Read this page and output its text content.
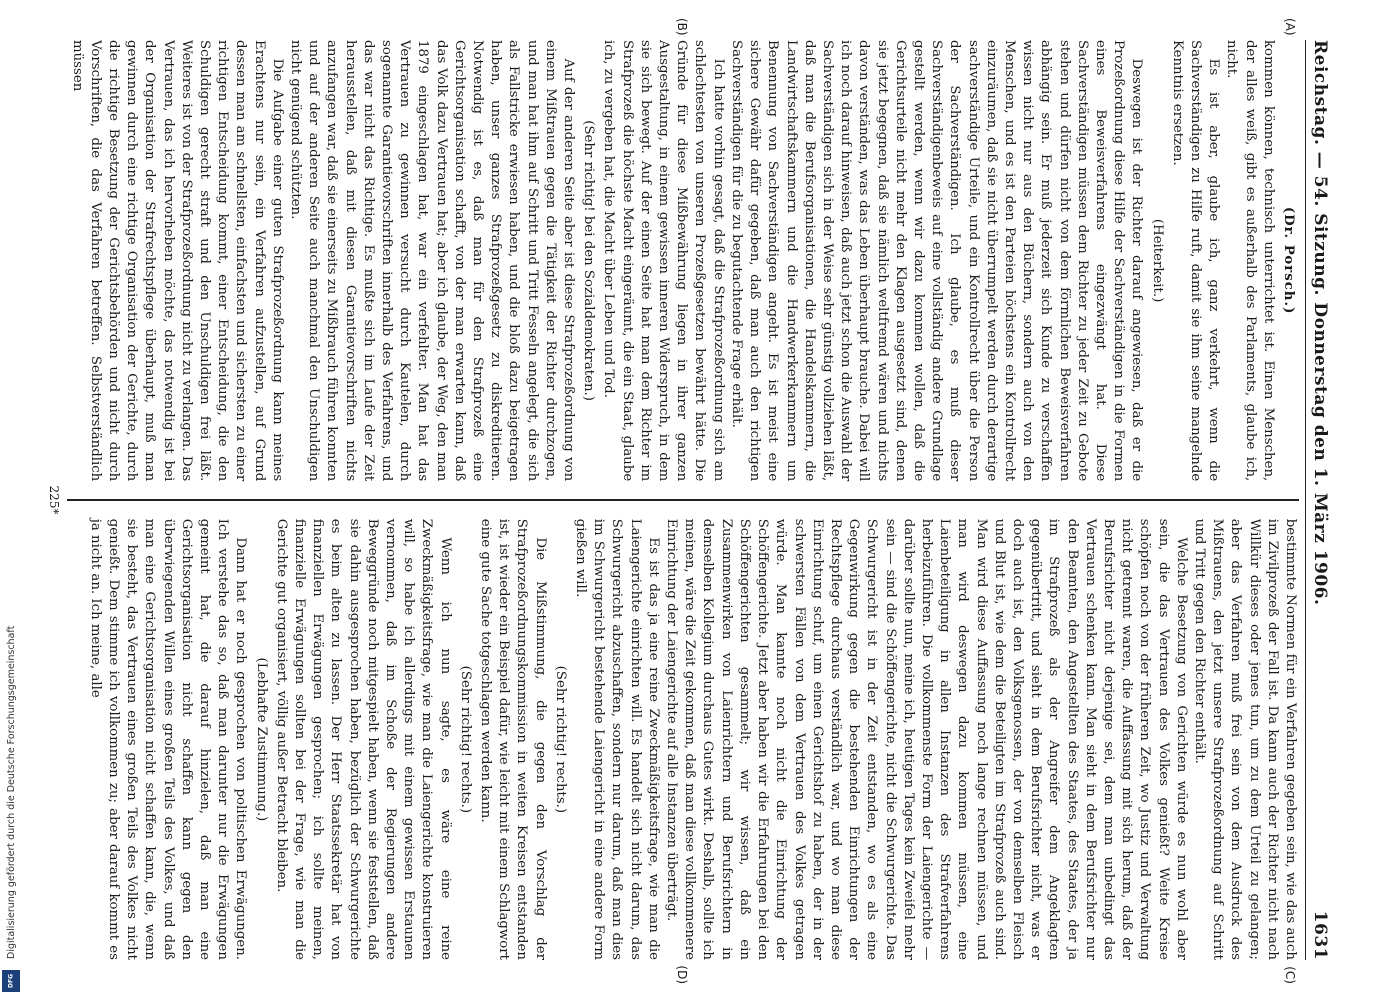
Reichstag. — 54. Sitzung. Donnerstag den 1. März 1906.
1631
(A)
(B)
(C)
(D)

(Dr. Porsch.)

kommen können, technisch unterrichtet ist. Einen Menschen, der alles weiß, gibt es außerhalb des Parlaments, glaube ich, nicht.

Es ist aber, glaube ich, ganz verkehrt, wenn die Sachverständigen zu Hilfe ruft, damit sie ihm seine mangelnde Kenntnis ersetzen.

(Heiterkeit.)

Deswegen ist der Richter darauf angewiesen, daß er die Prozeßordnung diese Hilfe der Sachverständigen in die Formen eines Beweisverfahrens eingezwängt hat. Diese Sachverständigen müssen dem Richter zu jeder Zeit zu Gebote stehen und dürfen nicht von dem förmlichen Beweisverfahren abhängig sein. Er muß jederzeit sich Kunde zu verschaffen wissen nicht nur aus den Büchern, sondern auch von den Menschen, und es ist den Parteien höchstens ein Kontrollrecht einzuräumen, daß sie nicht überrumpelt werden durch derartige sachverständige Urteile, und ein Kontrollrecht über die Person der Sachverständigen. Ich glaube, es muß dieser Sachverständigenbeweis auf eine vollständig andere Grundlage gestellt werden, wenn wir dazu kommen wollen, daß die Gerichtsurteile nicht mehr den Klagen ausgesetzt sind, denen sie jetzt begegnen, daß sie nämlich weltfremd wären und nichts davon verständen, was das Leben überhaupt brauche. Dabei will ich noch darauf hinweisen, daß auch jetzt schon die Auswahl der Sachverständigen sich in der Weise sehr günstig vollziehen läßt, daß man die Berufsorganisationen, die Handelskammern, die Landwirtschaftskammern und die Handwerkerkammern um Benennung von Sachverständigen angeht. Es ist meist eine sichere Gewähr dafür gegeben, daß man auch den richtigen Sachverständigen für die zu begutachtende Frage erhält.

Ich hatte vorhin gesagt, daß die Strafprozeßordnung sich am schlechtesten von unseren Prozeßgesetzen bewährt hätte. Die Gründe für diese Mißbewährung liegen in ihrer ganzen Ausgestaltung, in einem gewissen inneren Widerspruch, in dem sie sich bewegt. Auf der einen Seite hat man dem Richter im Strafprozeß die höchste Macht eingeräumt, die ein Staat, glaube ich, zu vergeben hat, die Macht über Leben und Tod.

(Sehr richtig! bei den Sozialdemokraten.)

Auf der anderen Seite aber ist diese Strafprozeßordnung von einem Mißtrauen gegen die Tätigkeit der Richter durchzogen, und man hat ihm auf Schritt und Tritt Fesseln angelegt, die sich als Fallstricke erwiesen haben, und die bloß dazu beigetragen haben, unser ganzes Strafprozeßgesetz zu diskreditieren. Notwendig ist es, daß man für den Strafprozeß eine Gerichtsorganisation schafft, von der man erwarten kann, daß das Volk dazu Vertrauen hat; aber ich glaube, der Weg, den man 1879 eingeschlagen hat, war ein verfehlter. Man hat das Vertrauen zu gewinnen versucht durch Kautelen, durch sogenannte Garantievorschriften innerhalb des Verfahrens, und das war nicht das Richtige. Es mußte sich im Laufe der Zeit herausstellen, daß mit diesen Garantievorschriften nichts anzufangen war, daß sie einerseits zu Mißbrauch führen konnten und auf der anderen Seite auch manchmal den Unschuldigen nicht genügend schützten.

Die Aufgabe einer guten Strafprozeßordnung kann meines Erachtens nur sein, ein Verfahren aufzustellen, auf Grund dessen man am schnellsten, einfachsten und sichersten zu einer richtigen Entscheidung kommt, einer Entscheidung, die den Schuldigen gerecht straft und den Unschuldigen frei läßt. Weiteres ist von der Strafprozeßordnung nicht zu verlangen. Das Vertrauen, das ich hervorheben möchte, das notwendig ist bei der Organisation der Strafrechtspflege überhaupt, muß man gewinnen durch eine richtige Organisation der Gerichte, durch die richtige Besetzung der Gerichtsbehörden und nicht durch Vorschriften, die das Verfahren betreffen. Selbstverständlich müssen

bestimmte Normen für ein Verfahren gegeben sein, wie das auch im Zivilprozeß der Fall ist. Da kann auch der Richter nicht nach Willkür dieses oder jenes tun, um zu dem Urteil zu gelangen; aber das Verfahren muß frei sein von dem Ausdruck des Mißtrauens, den jetzt unsere Strafprozeßordnung auf Schritt und Tritt gegen den Richter enthält.

Welche Besetzung von Gerichten würde es nun wohl aber sein, die das Vertrauen des Volkes genießt? Weite Kreise schöpfen noch von der früheren Zeit, wo Justiz und Verwaltung nicht getrennt waren, die Auffassung mit sich herum, daß der Berufsrichter nicht derjenige sei, dem man unbedingt das Vertrauen schenken kann. Man sieht in dem Berufsrichter nur den Beamten, den Angestellten des Staates, des Staates, der ja im Strafprozeß als der Angreifer dem Angeklagten gegenübertritt, und sieht in dem Berufsrichter nicht, was er doch auch ist, den Volksgenossen, der von demselben Fleisch und Blut ist, wie dem die Beteiligten im Strafprozeß auch sind. Man wird diese Auffassung noch lange rechnen müssen, und man wird deswegen dazu kommen müssen, eine Laienbeteiligung in allen Instanzen des Strafverfahrens herbeizuführen. Die vollkommenste Form der Laiengerichte — darüber sollte nun, meine ich, heutigen Tages kein Zweifel mehr sein — sind die Schöffengerichte, nicht die Schwurgerichte. Das Schwurgericht ist in der Zeit entstanden, wo es als eine Gegenwirkung gegen die bestehenden Einrichtungen der Rechtspflege durchaus verständlich war, und wo man diese Einrichtung schuf, um einen Gerichtshof zu haben, der in der schwersten Fällen von dem Vertrauen des Volkes getragen würde. Man kannte noch nicht die Einrichtung der Schöffengerichte. Jetzt aber haben wir die Erfahrungen bei den Schöffengerichten gesammelt; wir wissen, daß ein Zusammenwirken von Laienrichtern und Berufsrichtern in demselben Kollegium durchaus Gutes wirkt. Deshalb, sollte ich meinen, wäre die Zeit gekommen, daß man diese vollkommenere Einrichtung der Laiengerichte auf alle Instanzen überträgt.

Es ist das ja eine reine Zweckmäßigkeitsfrage, wie man die Laiengerichte einrichten will. Es handelt sich nicht darum, das Schwurgericht abzuschaffen, sondern nur darum, daß man dies im Schwurgericht bestehende Laiengericht in eine andere Form gießen will.

(Sehr richtig! rechts.)

Die Mißstimmung, die gegen den Vorschlag der Strafprozeßordnungskommission in weiten Kreisen entstanden ist, ist wieder ein Beispiel dafür, wie leicht mit einem Schlagwort eine gute Sache totgeschlagen werden kann.

(Sehr richtig! rechts.)

Wenn ich nun sagte, es wäre eine reine Zweckmäßigkeitsfrage, wie man die Laiengerichte konstruieren will, so habe ich allerdings mit einem gewissen Erstaunen vernommen, daß im Schoße der Regierungen andere Beweggründe noch mitgespielt haben, wenn sie feststellen, daß sie dahin ausgesprochen haben, bezüglich der Schwurgerichte es beim alten zu lassen. Der Herr Staatssekretär hat von finanziellen Erwägungen gesprochen; ich sollte meinen, finanzielle Erwägungen sollten bei der Frage, wie man die Gerichte gut organisiert, völlig außer Betracht bleiben.

(Lebhafte Zustimmung.)

Dann hat er noch gesprochen von politischen Erwägungen. Ich verstehe das so, daß man darunter nur die Erwägungen gemeint hat, die darauf hinzielen, daß man eine Gerichtsorganisation nicht schaffen kann gegen den überwiegenden Willen eines großen Teils des Volkes, und daß man eine Gerichtsorganisation nicht schaffen kann, die, wenn sie besteht, das Vertrauen eines großen Teils des Volkes nicht genießt. Dem stimme ich vollkommen zu; aber darauf kommt es ja nicht an. Ich meine, alle

225*
Digitalisierung gefördert durch die Deutsche Forschungsgemeinschaft
DFG
